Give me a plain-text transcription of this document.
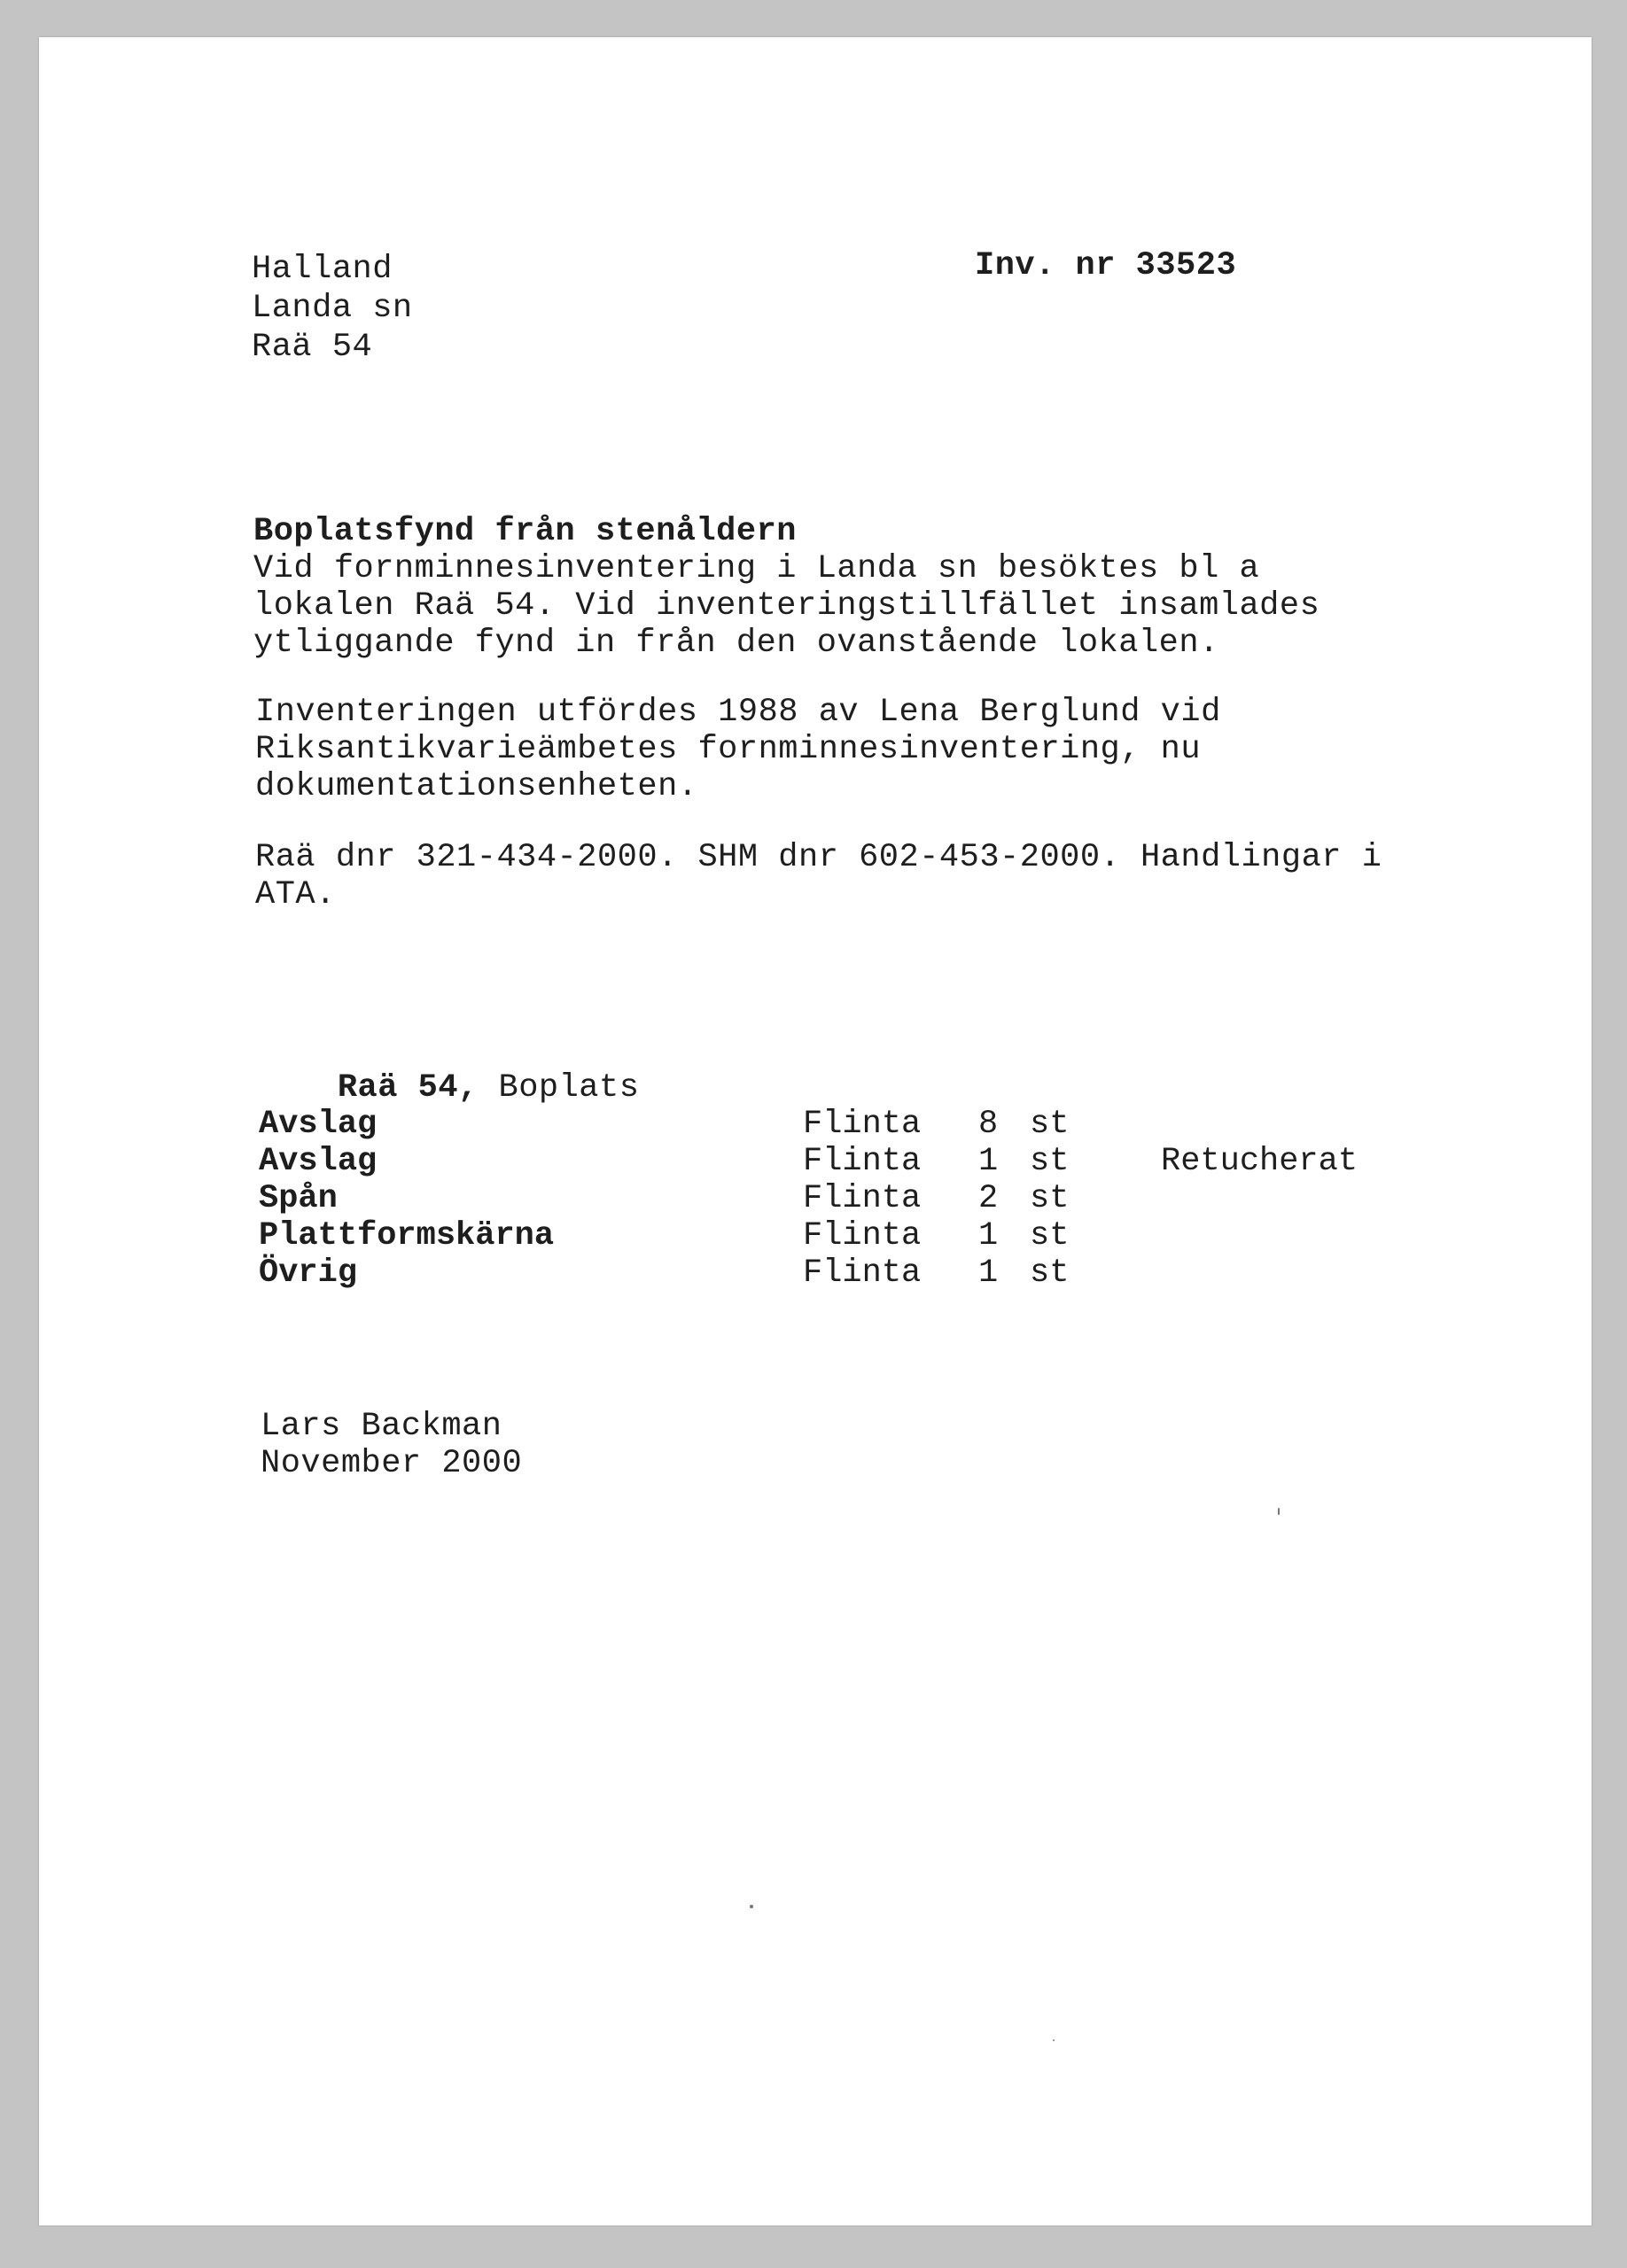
Halland
Landa sn
Raä 54
Inv. nr 33523
Boplatsfynd från stenåldern
Vid fornminnesinventering i Landa sn besöktes bl a
lokalen Raä 54. Vid inventeringstillfället insamlades
ytliggande fynd in från den ovanstående lokalen.
Inventeringen utfördes 1988 av Lena Berglund vid
Riksantikvarieämbetes fornminnesinventering, nu
dokumentationsenheten.
Raä dnr 321-434-2000. SHM dnr 602-453-2000. Handlingar i
ATA.

Raä 54, Boplats

Avslag	Flinta 8 st
Avslag	Flinta 1 st	Retucherat
Spån	Flinta 2 st
Plattformskärna	Flinta 1 st
Övrig	Flinta 1 st
Lars Backman
November 2000
